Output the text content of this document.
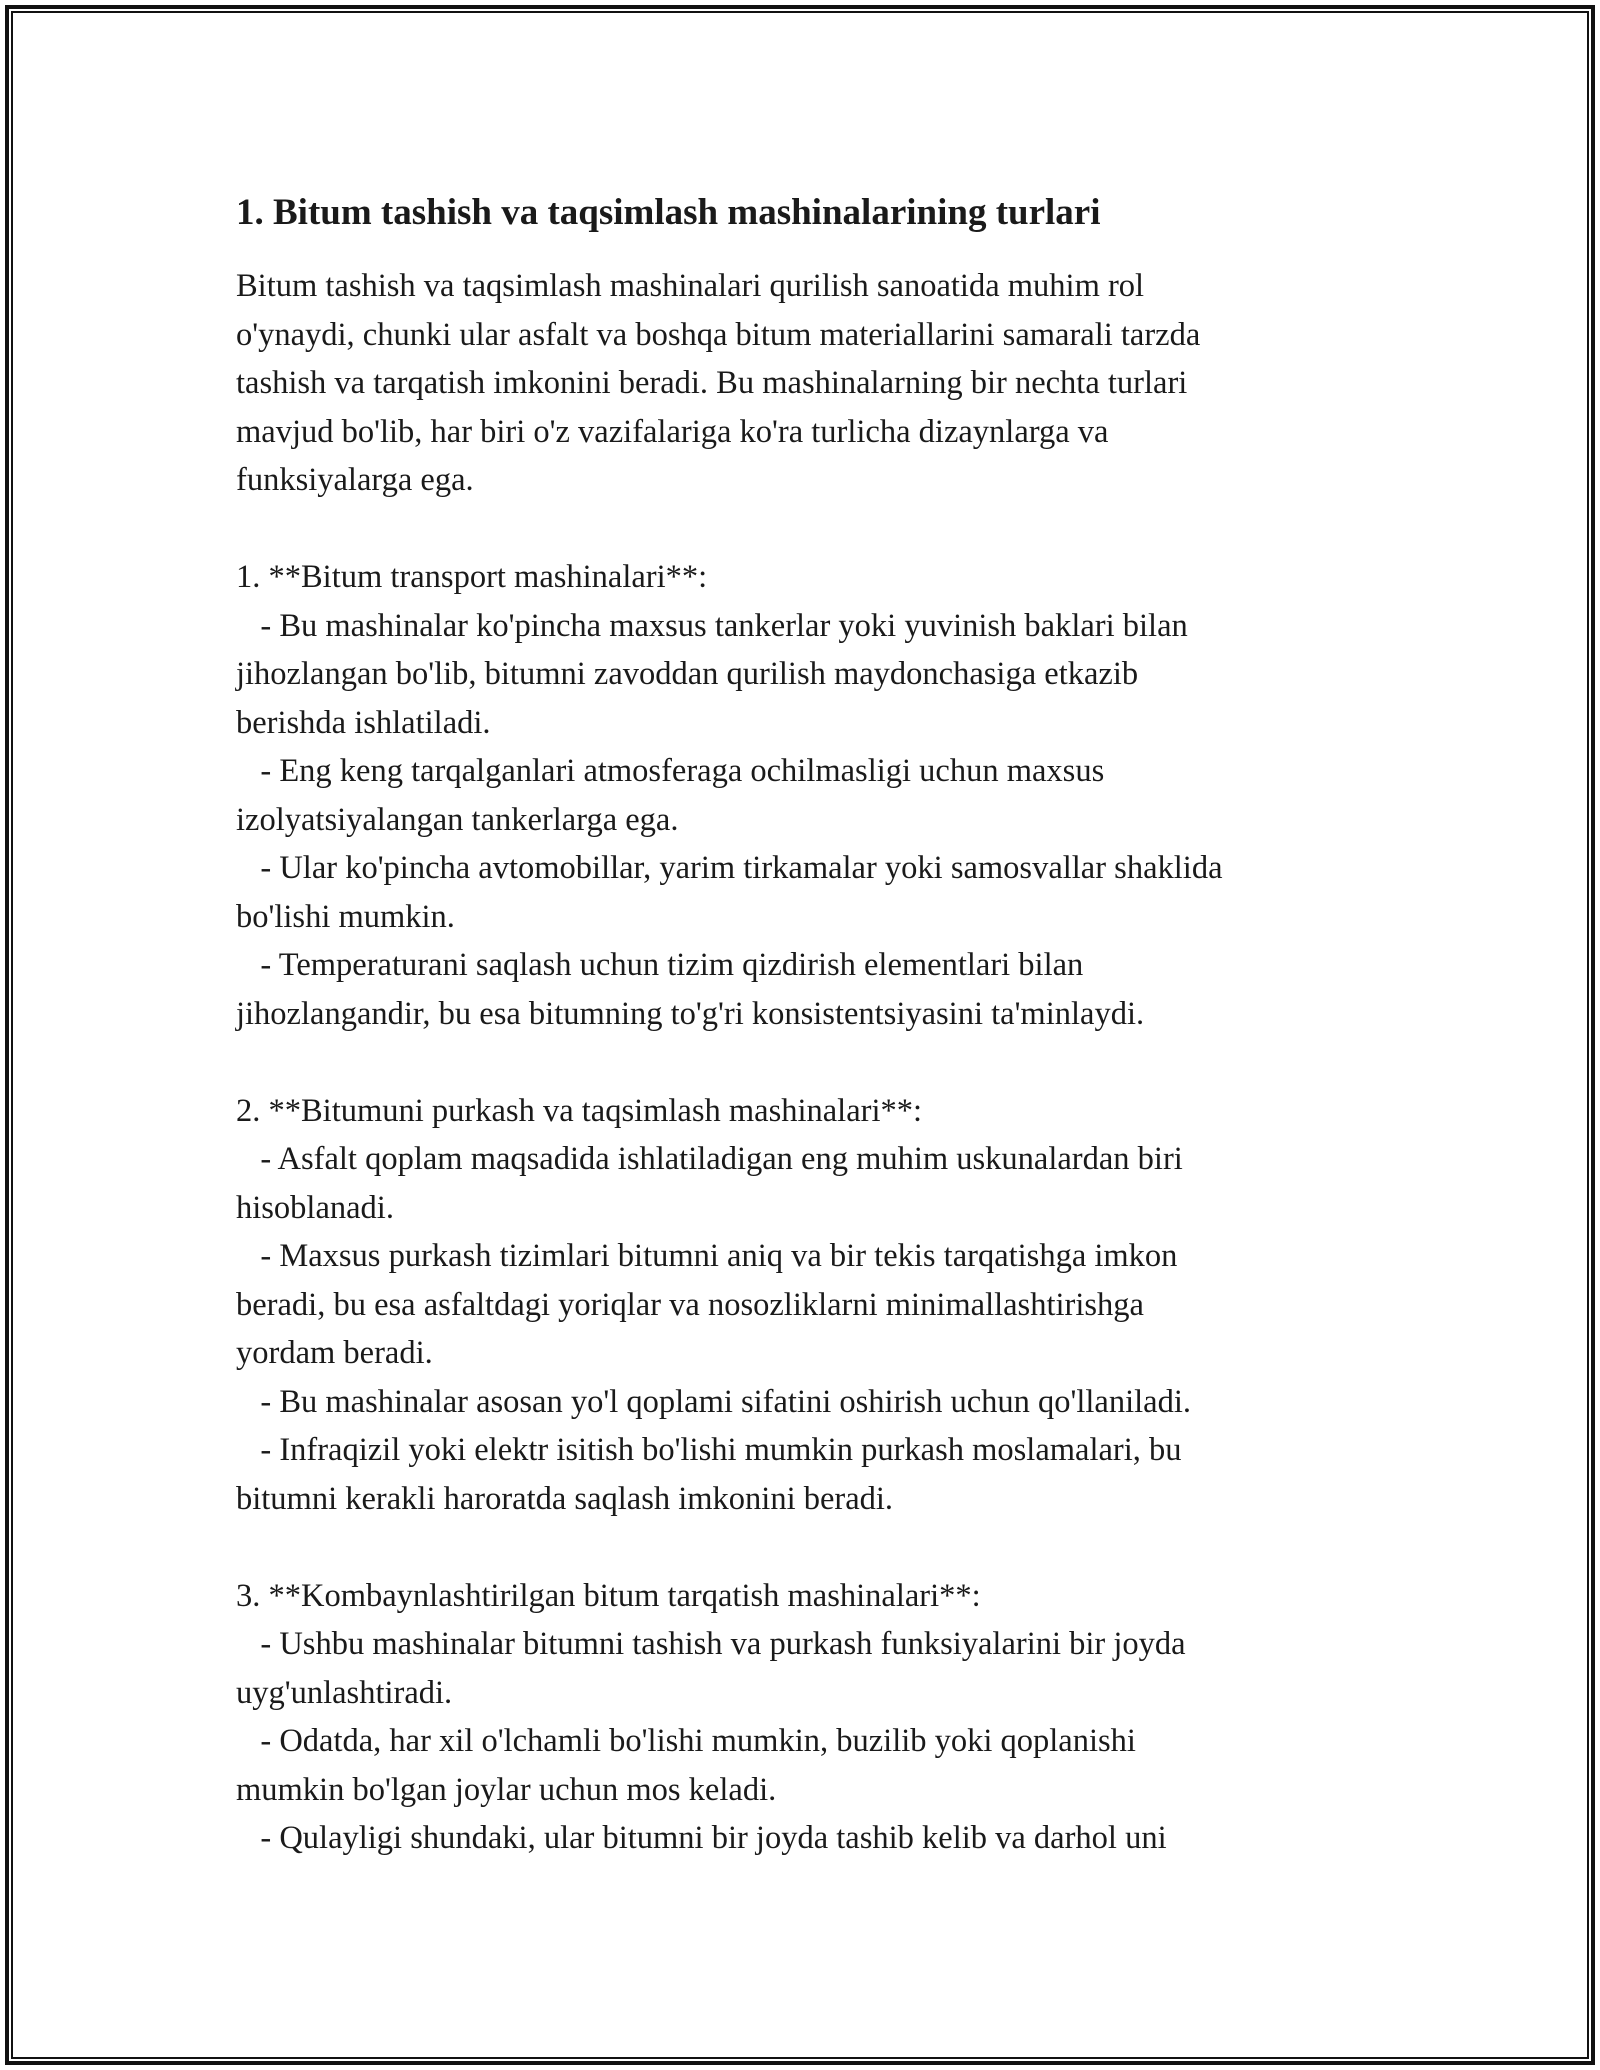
1. Bitum tashish va taqsimlash mashinalarining turlari
Bitum tashish va taqsimlash mashinalari qurilish sanoatida muhim rol
o'ynaydi, chunki ular asfalt va boshqa bitum materiallarini samarali tarzda
tashish va tarqatish imkonini beradi. Bu mashinalarning bir nechta turlari
mavjud bo'lib, har biri o'z vazifalariga ko'ra turlicha dizaynlarga va
funksiyalarga ega.
1. **Bitum transport mashinalari**:
- Bu mashinalar ko'pincha maxsus tankerlar yoki yuvinish baklari bilan
jihozlangan bo'lib, bitumni zavoddan qurilish maydonchasiga etkazib
berishda ishlatiladi.
- Eng keng tarqalganlari atmosferaga ochilmasligi uchun maxsus
izolyatsiyalangan tankerlarga ega.
- Ular ko'pincha avtomobillar, yarim tirkamalar yoki samosvallar shaklida
bo'lishi mumkin.
- Temperaturani saqlash uchun tizim qizdirish elementlari bilan
jihozlangandir, bu esa bitumning to'g'ri konsistentsiyasini ta'minlaydi.
2. **Bitumuni purkash va taqsimlash mashinalari**:
- Asfalt qoplam maqsadida ishlatiladigan eng muhim uskunalardan biri
hisoblanadi.
- Maxsus purkash tizimlari bitumni aniq va bir tekis tarqatishga imkon
beradi, bu esa asfaltdagi yoriqlar va nosozliklarni minimallashtirishga
yordam beradi.
- Bu mashinalar asosan yo'l qoplami sifatini oshirish uchun qo'llaniladi.
- Infraqizil yoki elektr isitish bo'lishi mumkin purkash moslamalari, bu
bitumni kerakli haroratda saqlash imkonini beradi.
3. **Kombaynlashtirilgan bitum tarqatish mashinalari**:
- Ushbu mashinalar bitumni tashish va purkash funksiyalarini bir joyda
uyg'unlashtiradi.
- Odatda, har xil o'lchamli bo'lishi mumkin, buzilib yoki qoplanishi
mumkin bo'lgan joylar uchun mos keladi.
- Qulayligi shundaki, ular bitumni bir joyda tashib kelib va darhol uni
